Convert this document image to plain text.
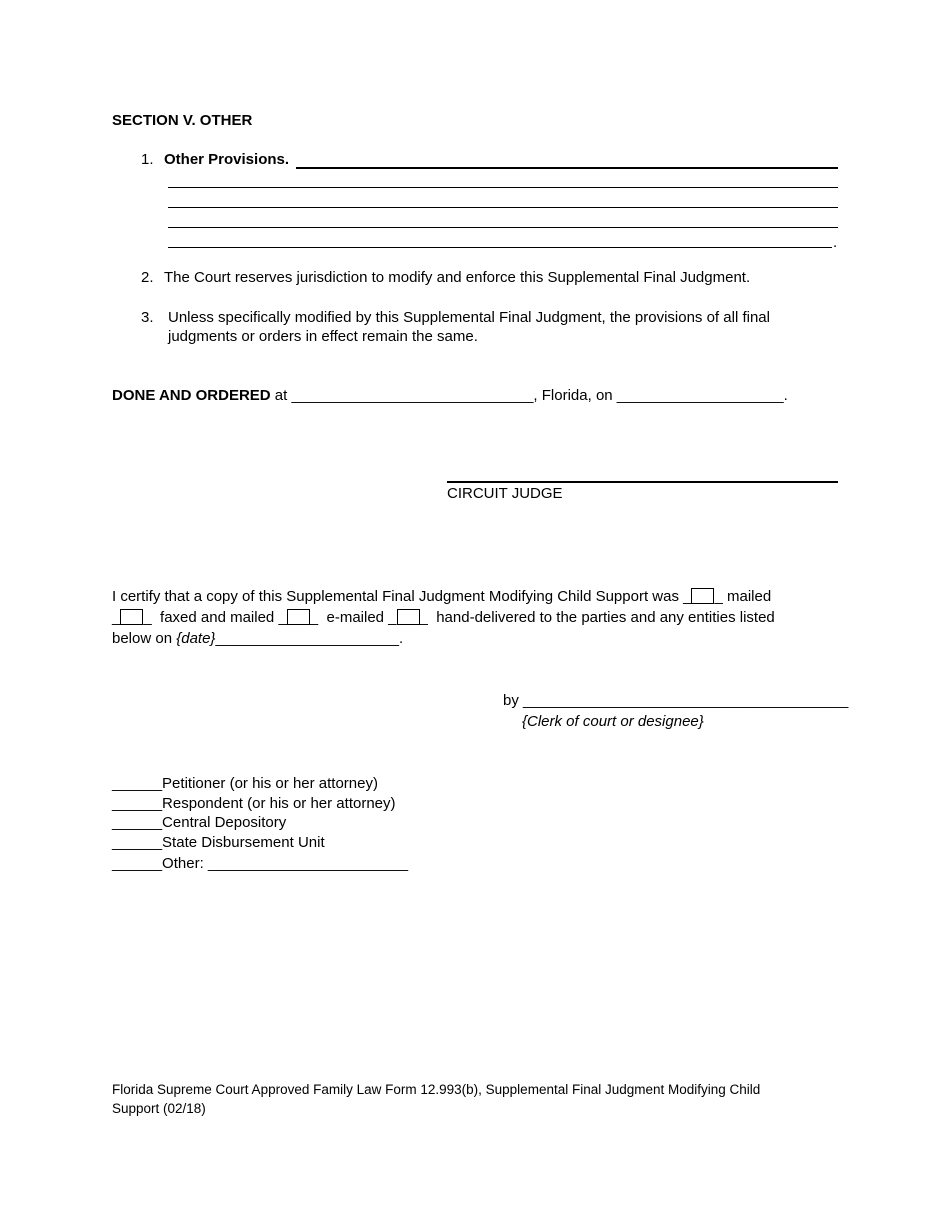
SECTION V. OTHER
1. Other Provisions.
.
2. The Court reserves jurisdiction to modify and enforce this Supplemental Final Judgment.
3. Unless specifically modified by this Supplemental Final Judgment, the provisions of all final
judgments or orders in effect remain the same.
DONE AND ORDERED at _____________________________, Florida, on ____________________.
CIRCUIT JUDGE
I certify that a copy of this Supplemental Final Judgment Modifying Child Support was _ _ mailed
_ _  faxed and mailed _ _  e-mailed _ _  hand-delivered to the parties and any entities listed
below on {date}______________________.
by _______________________________________
{Clerk of court or designee}
______Petitioner (or his or her attorney)
______Respondent (or his or her attorney)
______Central Depository
______State Disbursement Unit
______Other: ________________________
Florida Supreme Court Approved Family Law Form 12.993(b), Supplemental Final Judgment Modifying Child
Support (02/18)
